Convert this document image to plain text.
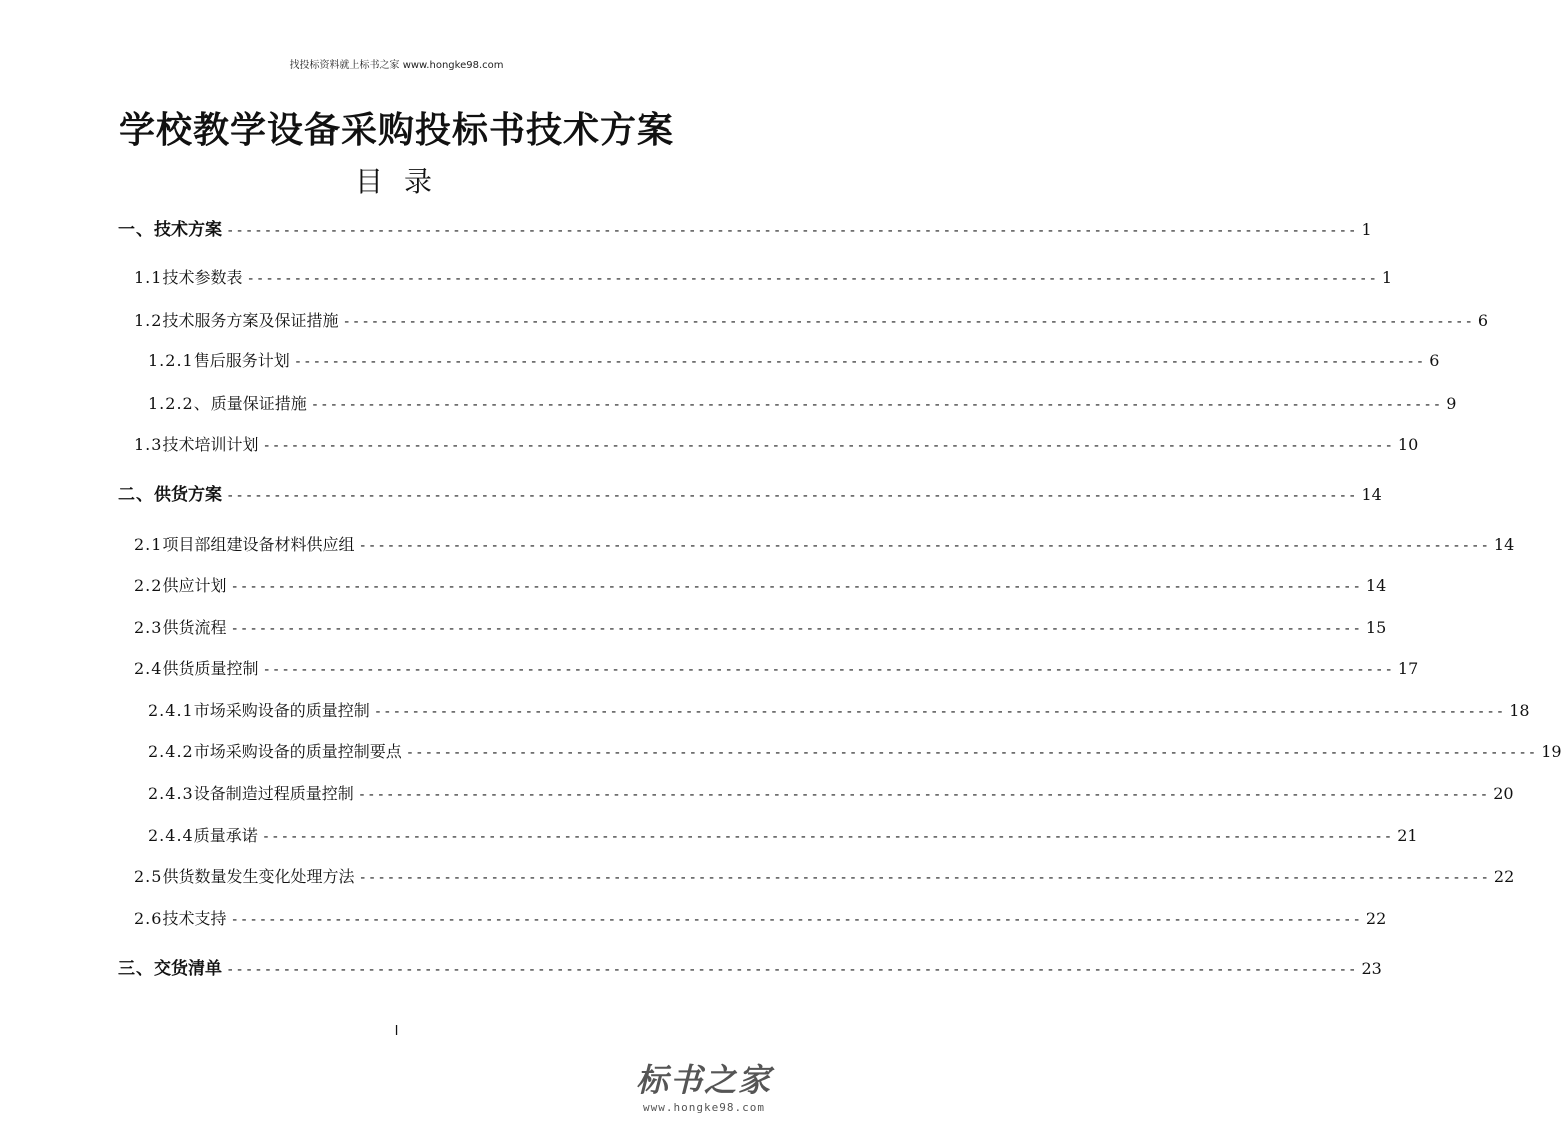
找投标资料就上标书之家 www.hongke98.com
学校教学设备采购投标书技术方案
目 录
一、 技术方案 ------------------------------------------------------------------------------------------------------------------------ 1
1.1 技术参数表 ------------------------------------------------------------------------------------------------------------------------ 1
1.2 技术服务方案及保证措施 ------------------------------------------------------------------------------------------------------------------------ 6
1.2.1 售后服务计划 ------------------------------------------------------------------------------------------------------------------------ 6
1.2.2、 质量保证措施 ------------------------------------------------------------------------------------------------------------------------ 9
1.3 技术培训计划 ------------------------------------------------------------------------------------------------------------------------ 10
二、 供货方案 ------------------------------------------------------------------------------------------------------------------------ 14
2.1 项目部组建设备材料供应组 ------------------------------------------------------------------------------------------------------------------------ 14
2.2 供应计划 ------------------------------------------------------------------------------------------------------------------------ 14
2.3 供货流程 ------------------------------------------------------------------------------------------------------------------------ 15
2.4 供货质量控制 ------------------------------------------------------------------------------------------------------------------------ 17
2.4.1 市场采购设备的质量控制 ------------------------------------------------------------------------------------------------------------------------ 18
2.4.2 市场采购设备的质量控制要点 ------------------------------------------------------------------------------------------------------------------------ 19
2.4.3 设备制造过程质量控制 ------------------------------------------------------------------------------------------------------------------------ 20
2.4.4 质量承诺 ------------------------------------------------------------------------------------------------------------------------ 21
2.5 供货数量发生变化处理方法 ------------------------------------------------------------------------------------------------------------------------ 22
2.6 技术支持 ------------------------------------------------------------------------------------------------------------------------ 22
三、 交货清单 ------------------------------------------------------------------------------------------------------------------------ 23
I
标书之家
www.hongke98.com
